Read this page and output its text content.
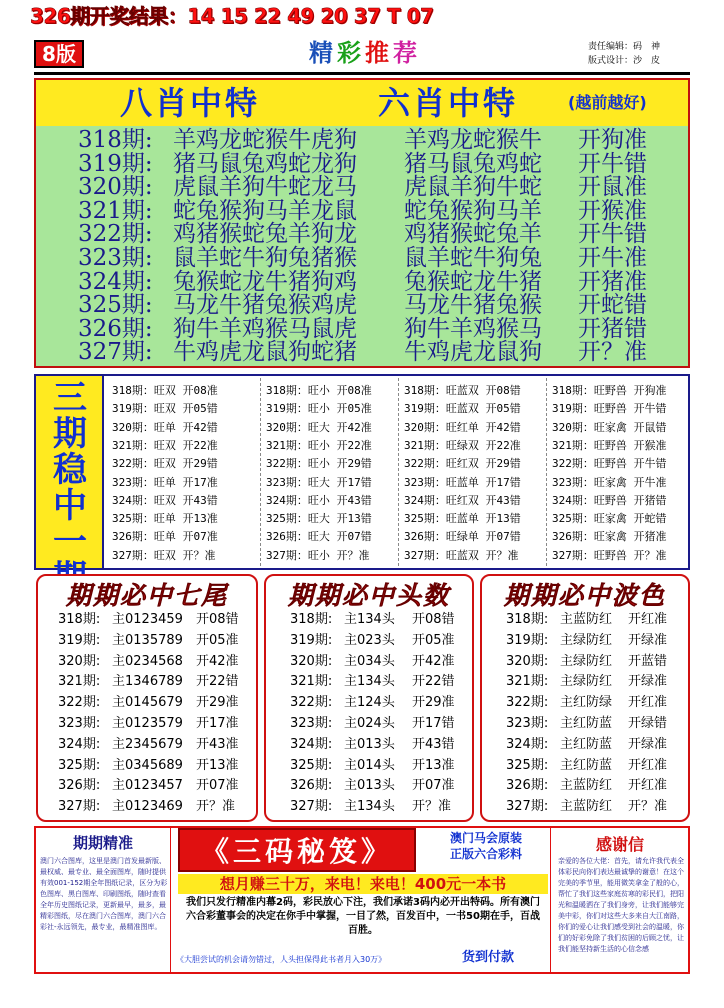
326期开奖结果：14 15 22 49 20 37 T 07
8版	精彩推荐	责任编辑：码　神
版式设计：沙　皮
八肖中特	六肖中特	(越前越好)
318期: 羊鸡龙蛇猴牛虎狗 羊鸡龙蛇猴牛 开狗准
319期: 猪马鼠兔鸡蛇龙狗 猪马鼠兔鸡蛇 开牛错
320期: 虎鼠羊狗牛蛇龙马 虎鼠羊狗牛蛇 开鼠准
321期: 蛇兔猴狗马羊龙鼠 蛇兔猴狗马羊 开猴准
322期: 鸡猪猴蛇兔羊狗龙 鸡猪猴蛇兔羊 开牛错
323期: 鼠羊蛇牛狗兔猪猴 鼠羊蛇牛狗兔 开牛准
324期: 兔猴蛇龙牛猪狗鸡 兔猴蛇龙牛猪 开猪准
325期: 马龙牛猪兔猴鸡虎 马龙牛猪兔猴 开蛇错
326期: 狗牛羊鸡猴马鼠虎 狗牛羊鸡猴马 开猪错
327期: 牛鸡虎龙鼠狗蛇猪 牛鸡虎龙鼠狗 开？准
三
期
稳
中
一
318期：旺双 开08准
319期：旺双 开05错
320期：旺单 开42错
321期：旺双 开22准
322期：旺双 开29错
323期：旺单 开17准
324期：旺双 开43错
325期：旺单 开13准
326期：旺单 开07准
327期：旺双 开？准
318期：旺小 开08准
319期：旺小 开05准
320期：旺大 开42准
321期：旺小 开22准
322期：旺小 开29错
323期：旺大 开17错
324期：旺小 开43错
325期：旺大 开13错
326期：旺大 开07错
327期：旺小 开？准
318期：旺蓝双 开08错
319期：旺蓝双 开05错
320期：旺红单 开42错
321期：旺绿双 开22准
322期：旺红双 开29错
323期：旺蓝单 开17错
324期：旺红双 开43错
325期：旺蓝单 开13错
326期：旺绿单 开07错
327期：旺蓝双 开？准
318期：旺野兽 开狗准
319期：旺野兽 开牛错
320期：旺家禽 开鼠错
321期：旺野兽 开猴准
322期：旺野兽 开牛错
323期：旺家禽 开牛准
324期：旺野兽 开猪错
325期：旺家禽 开蛇错
326期：旺家禽 开猪准
327期：旺野兽 开？准
期期必中七尾
318期: 主0123459 开08错
319期: 主0135789 开05准
320期: 主0234568 开42准
321期: 主1346789 开22错
322期: 主0145679 开29准
323期: 主0123579 开17准
324期: 主2345679 开43准
325期: 主0345689 开13准
326期: 主0123457 开07准
327期: 主0123469 开？准
期期必中头数
318期: 主134头 开08错
319期: 主023头 开05准
320期: 主034头 开42准
321期: 主134头 开22错
322期: 主124头 开29准
323期: 主024头 开17错
324期: 主013头 开43错
325期: 主014头 开13准
326期: 主013头 开07准
327期: 主134头 开？准
期期必中波色
318期: 主蓝防红 开红准
319期: 主绿防红 开绿准
320期: 主绿防红 开蓝错
321期: 主绿防红 开绿准
322期: 主红防绿 开红准
323期: 主红防蓝 开绿错
324期: 主红防蓝 开绿准
325期: 主红防蓝 开红准
326期: 主蓝防红 开红准
327期: 主蓝防红 开？准
期期精准
澳门六合图库，这里是澳门首发最新版、最权威、最专业、最全面图库，随时提供有效001-152期全年图纸记录，区分为彩色图库、黑白图库、印刷图纸，随时查看全年历史图纸记录，更新最早，最多，最精彩图纸，尽在澳门六合图库，澳门六合彩社-永远领先，最专业，最精准图库。
《三码秘笈》	澳门马会原装
正版六合彩料
想月赚三十万，来电！来电！400元一本书
我们只发行精准内幕2码，彩民放心下注，我们承诺3码内必开出特码。所有澳门六合彩董事会的决定在你手中掌握，一目了然，百发百中，一书50期在手，百战百胜。
《大胆尝试的机会请勿错过，人头担保得此书者月入30万》	货到付款
感谢信
亲爱的各位大佬：首先，请允许我代表全体彩民向你们表达最诚挚的谢意！在这个完美的季节里，能用微笑拿金了般的心，帮忙了我们这些家庭贫寒的彩民们，把阳光和温暖洒在了我们身旁，让我们能够完美中彩，你们对这些大多来自大江南路，你们的爱心让我们感受到社会的温暖，你们的好彩免除了我们贫困的后顾之忧，让我们能坚持新生活的心信念感
